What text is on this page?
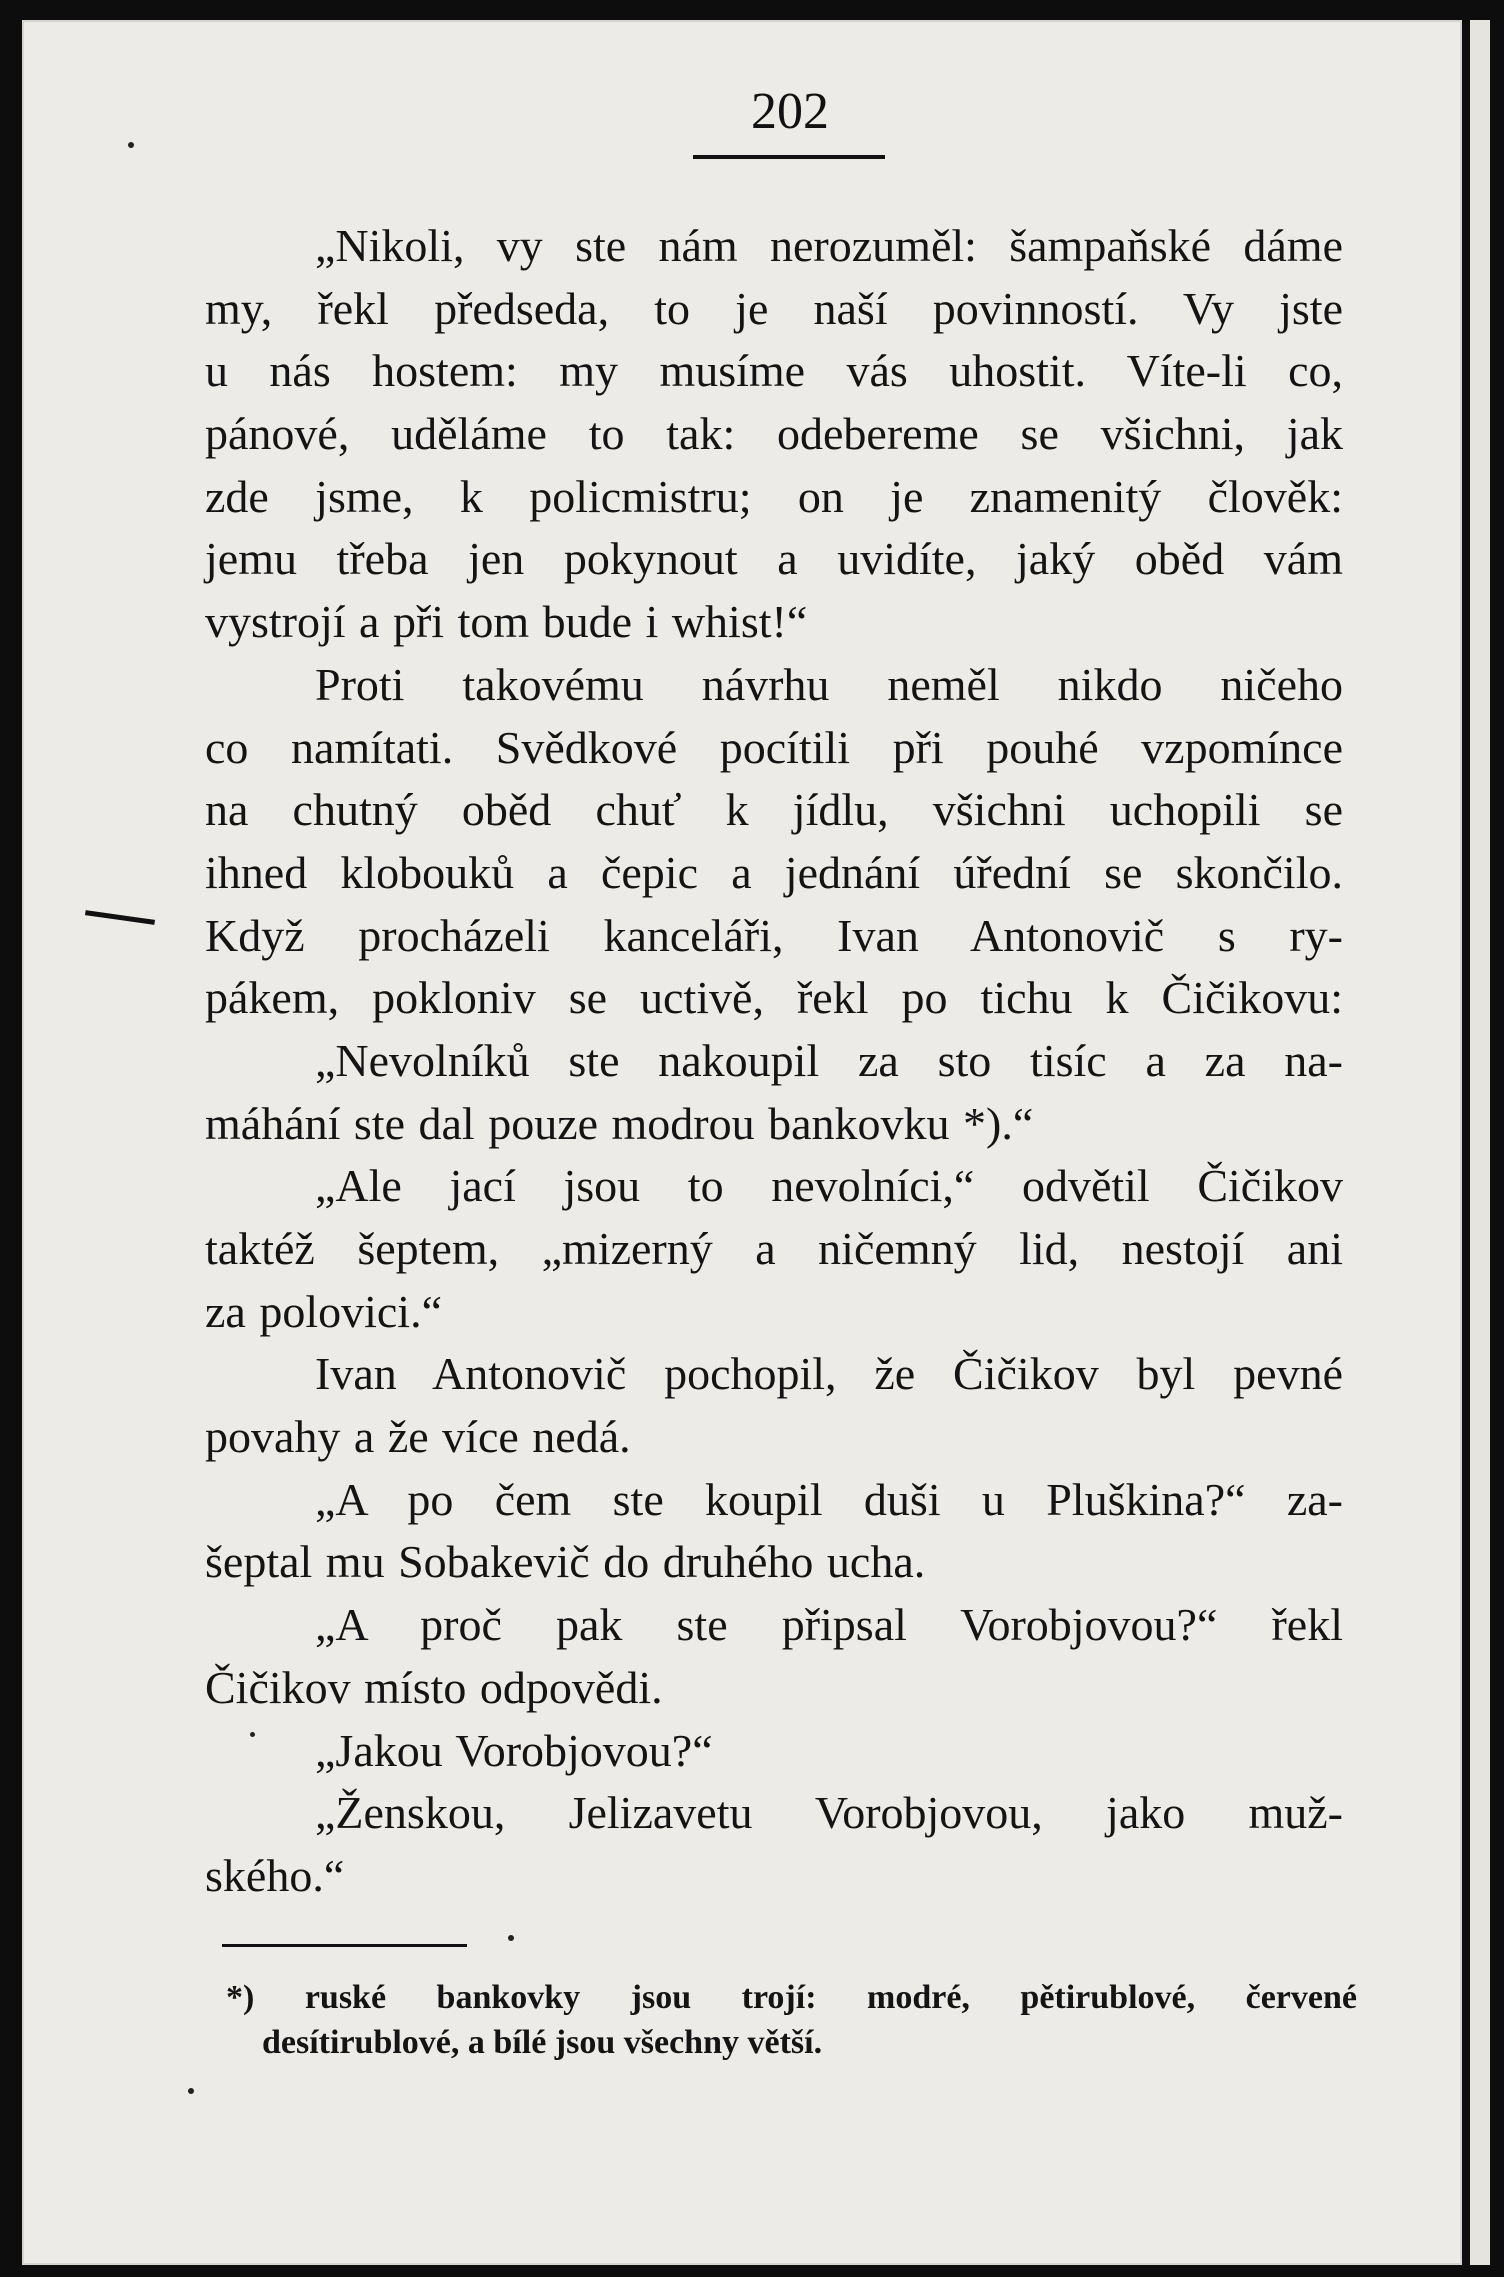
202
„Nikoli, vy ste nám nerozuměl: šampaňské dáme
my, řekl předseda, to je naší povinností. Vy jste
u nás hostem: my musíme vás uhostit. Víte-li co,
pánové, uděláme to tak: odebereme se všichni, jak
zde jsme, k policmistru; on je znamenitý člověk:
jemu třeba jen pokynout a uvidíte, jaký oběd vám
vystrojí a při tom bude i whist!“
Proti takovému návrhu neměl nikdo ničeho
co namítati. Svědkové pocítili při pouhé vzpomínce
na chutný oběd chuť k jídlu, všichni uchopili se
ihned klobouků a čepic a jednání úřední se skončilo.
Když procházeli kanceláři, Ivan Antonovič s ry-
pákem, pokloniv se uctivě, řekl po tichu k Čičikovu:
„Nevolníků ste nakoupil za sto tisíc a za na-
máhání ste dal pouze modrou bankovku *).“
„Ale jací jsou to nevolníci,“ odvětil Čičikov
taktéž šeptem, „mizerný a ničemný lid, nestojí ani
za polovici.“
Ivan Antonovič pochopil, že Čičikov byl pevné
povahy a že více nedá.
„A po čem ste koupil duši u Pluškina?“ za-
šeptal mu Sobakevič do druhého ucha.
„A proč pak ste připsal Vorobjovou?“ řekl
Čičikov místo odpovědi.
„Jakou Vorobjovou?“
„Ženskou, Jelizavetu Vorobjovou, jako muž-
ského.“
*) ruské bankovky jsou trojí: modré, pětirublové, červené
desítirublové, a bílé jsou všechny větší.
